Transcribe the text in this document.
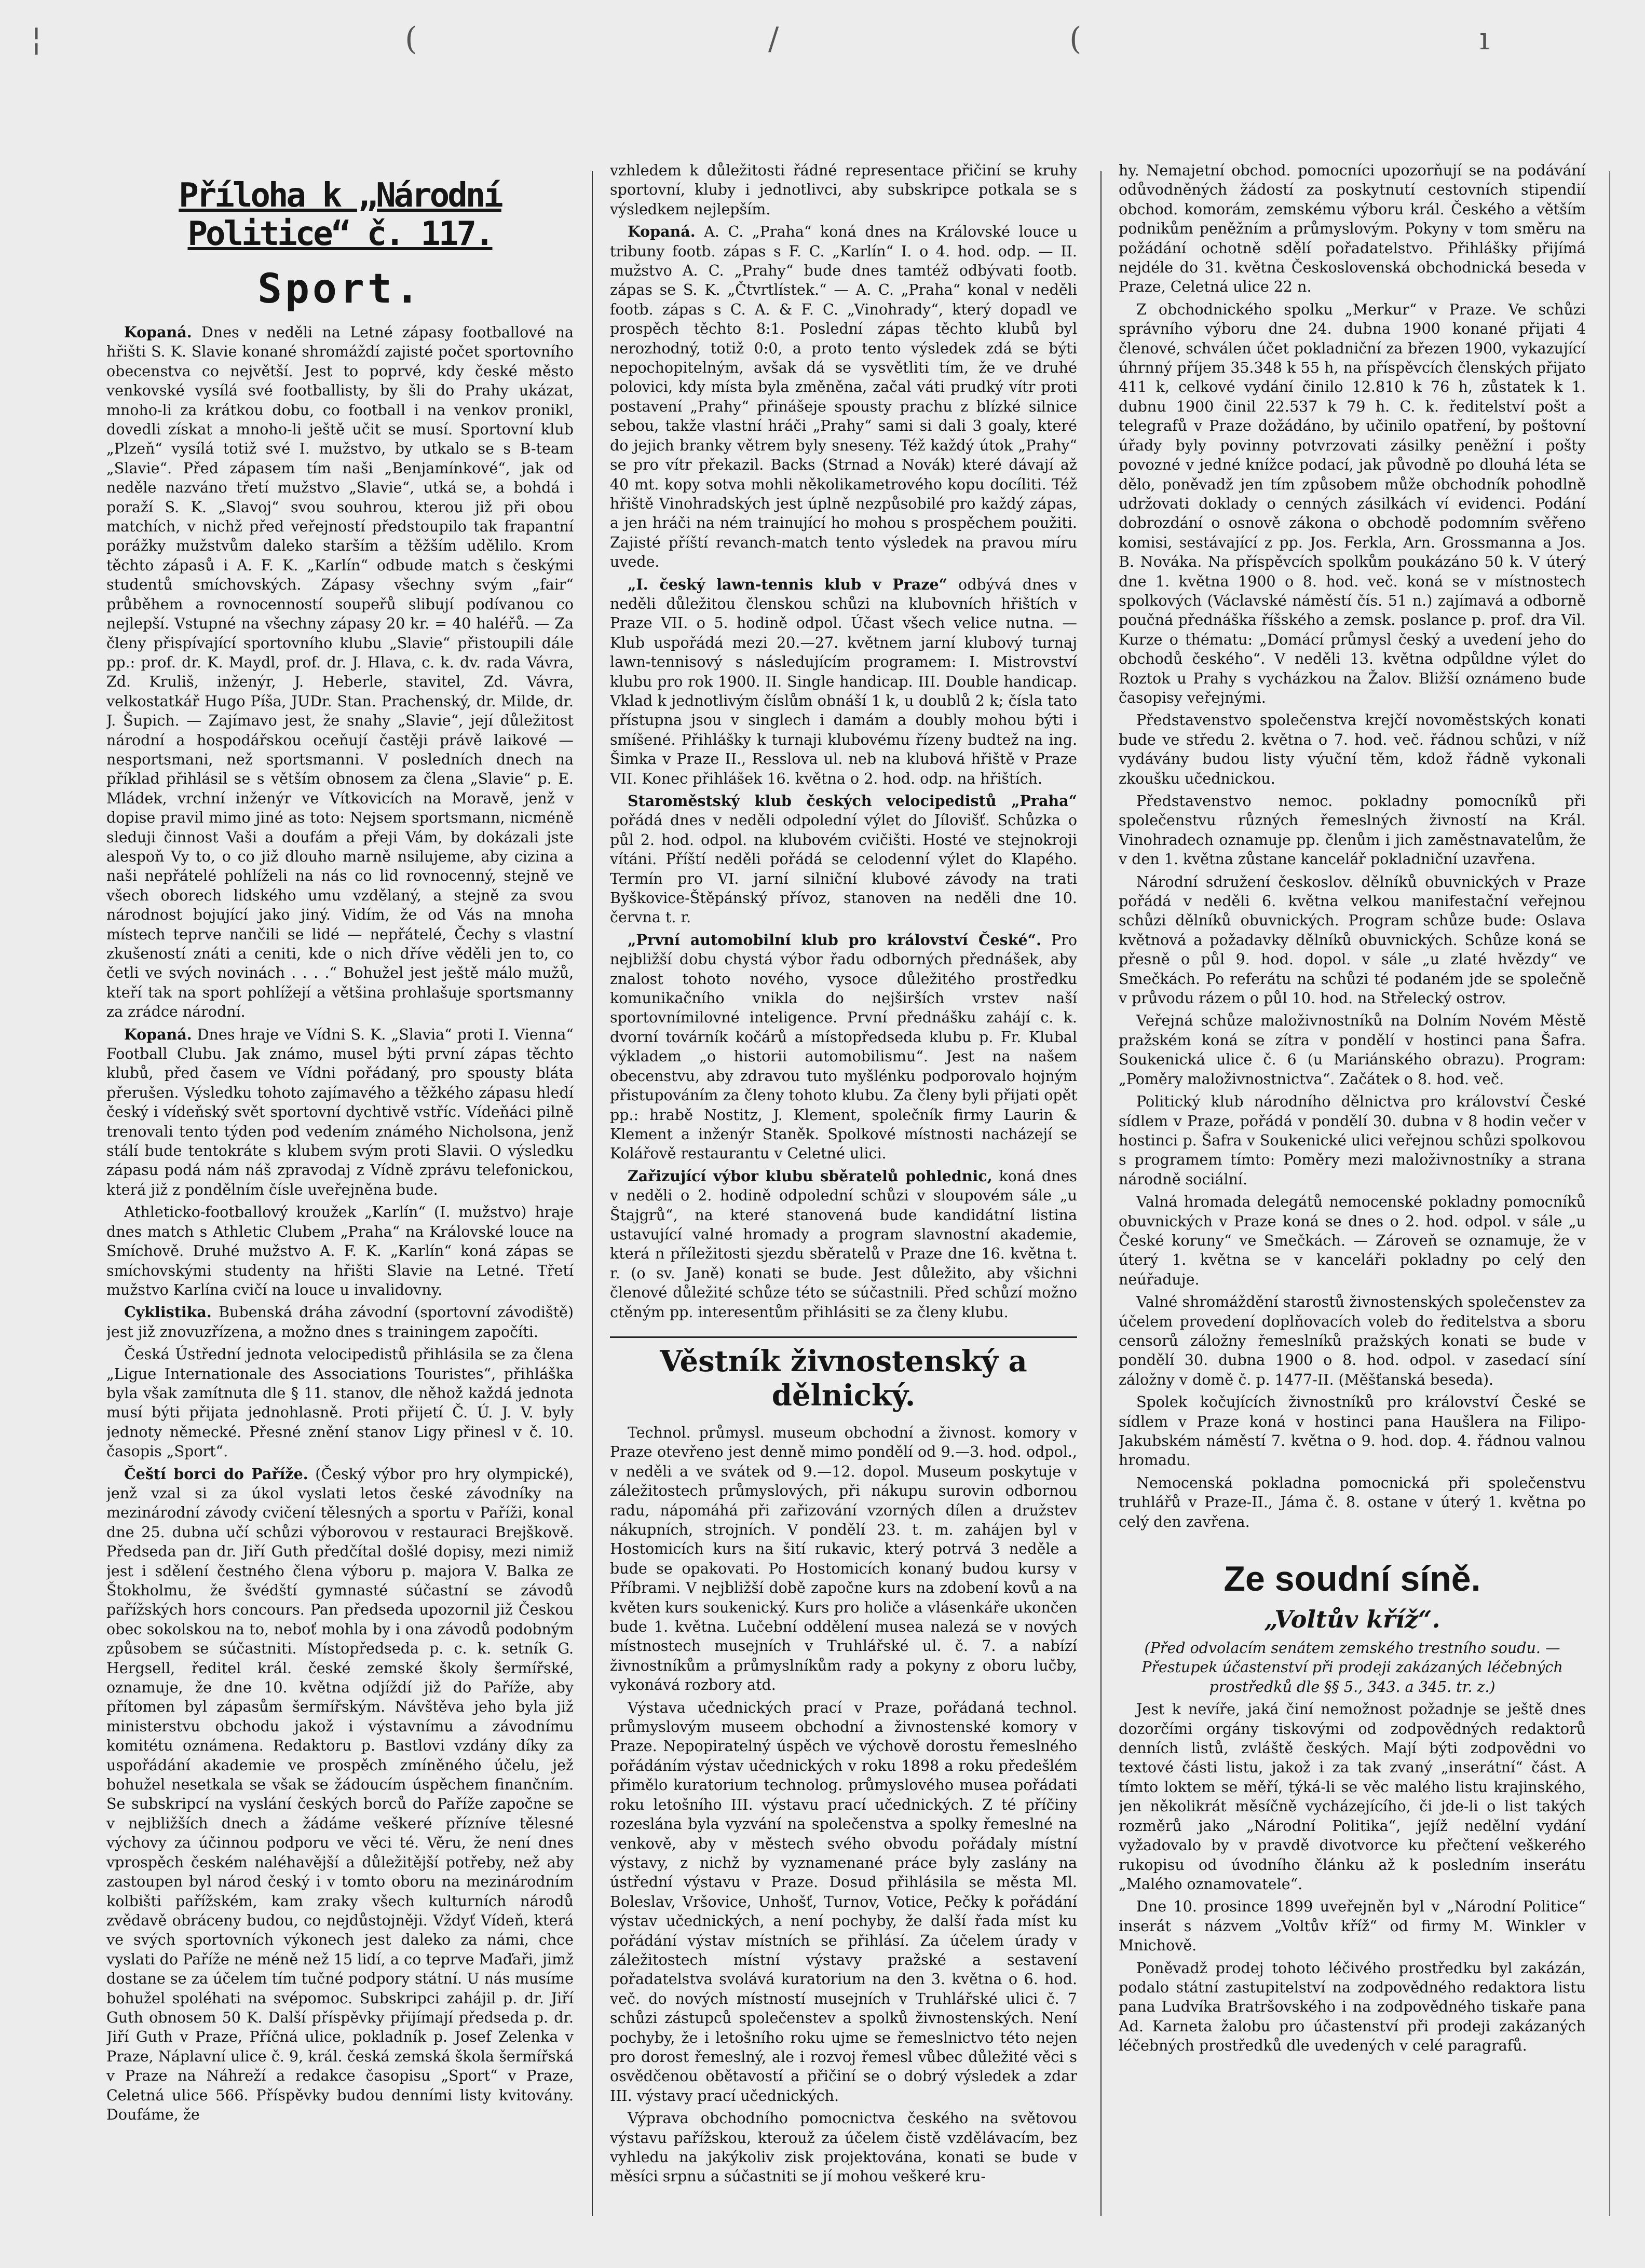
¦	(	/	(	ı
Příloha k „Národní Politice“ č. 117.
Sport.

Kopaná. Dnes v neděli na Letné zápasy footballové na hřišti S. K. Slavie konané shromáždí zajisté počet sportovního obecenstva co největší. Jest to poprvé, kdy české město venkovské vysílá své footballisty, by šli do Prahy ukázat, mnoho-li za krátkou dobu, co football i na venkov pronikl, dovedli získat a mnoho-li ještě učit se musí. Sportovní klub „Plzeň“ vysílá totiž své I. mužstvo, by utkalo se s B-team „Slavie“. Před zápasem tím naši „Benjamínkové“, jak od neděle nazváno třetí mužstvo „Slavie“, utká se, a bohdá i poraží S. K. „Slavoj“ svou souhrou, kterou již při obou matchích, v nichž před veřejností předstoupilo tak frapantní porážky mužstvům daleko starším a těžším udělilo. Krom těchto zápasů i A. F. K. „Karlín“ odbude match s českými studentů smíchovských. Zápasy všechny svým „fair“ průběhem a rovnocenností soupeřů slibují podívanou co nejlepší. Vstupné na všechny zápasy 20 kr. = 40 haléřů. — Za členy přispívající sportovního klubu „Slavie“ přistoupili dále pp.: prof. dr. K. Maydl, prof. dr. J. Hlava, c. k. dv. rada Vávra, Zd. Kruliš, inženýr, J. Heberle, stavitel, Zd. Vávra, velkostatkář Hugo Píša, JUDr. Stan. Prachenský, dr. Milde, dr. J. Šupich. — Zajímavo jest, že snahy „Slavie“, její důležitost národní a hospodářskou oceňují častěji právě laikové — nesportsmani, než sportsmanni. V posledních dnech na příklad přihlásil se s větším obnosem za člena „Slavie“ p. E. Mládek, vrchní inženýr ve Vítkovicích na Moravě, jenž v dopise pravil mimo jiné as toto: Nejsem sportsmann, nicméně sleduji činnost Vaši a doufám a přeji Vám, by dokázali jste alespoň Vy to, o co již dlouho marně nsilujeme, aby cizina a naši nepřátelé pohlíželi na nás co lid rovnocenný, stejně ve všech oborech lidského umu vzdělaný, a stejně za svou národnost bojující jako jiný. Vidím, že od Vás na mnoha místech teprve nančili se lidé — nepřátelé, Čechy s vlastní zkušeností znáti a ceniti, kde o nich dříve věděli jen to, co četli ve svých novinách . . . .“ Bohužel jest ještě málo mužů, kteří tak na sport pohlížejí a většina prohlašuje sportsmanny za zrádce národní.

Kopaná. Dnes hraje ve Vídni S. K. „Slavia“ proti I. Vienna“ Football Clubu. Jak známo, musel býti první zápas těchto klubů, před časem ve Vídni pořádaný, pro spousty bláta přerušen. Výsledku tohoto zajímavého a těžkého zápasu hledí český i vídeňský svět sportovní dychtivě vstříc. Vídeňáci pilně trenovali tento týden pod vedením známého Nicholsona, jenž stálí bude tentokráte s klubem svým proti Slavii. O výsledku zápasu podá nám náš zpravodaj z Vídně zprávu telefonickou, která již z pondělním čísle uveřejněna bude.

Athleticko-footballový kroužek „Karlín“ (I. mužstvo) hraje dnes match s Athletic Clubem „Praha“ na Královské louce na Smíchově. Druhé mužstvo A. F. K. „Karlín“ koná zápas se smíchovskými studenty na hřišti Slavie na Letné. Třetí mužstvo Karlína cvičí na louce u invalidovny.

Cyklistika. Bubenská dráha závodní (sportovní závodiště) jest již znovuzřízena, a možno dnes s trainingem započíti.

Česká Ústřední jednota velocipedistů přihlásila se za člena „Ligue Internationale des Associations Touristes“, přihláška byla však zamítnuta dle § 11. stanov, dle něhož každá jednota musí býti přijata jednohlasně. Proti přijetí Č. Ú. J. V. byly jednoty německé. Přesné znění stanov Ligy přinesl v č. 10. časopis „Sport“.

Čeští borci do Paříže. (Český výbor pro hry olympické), jenž vzal si za úkol vyslati letos české závodníky na mezinárodní závody cvičení tělesných a sportu v Paříži, konal dne 25. dubna učí schůzi výborovou v restauraci Brejškově. Předseda pan dr. Jiří Guth předčítal došlé dopisy, mezi nimiž jest i sdělení čestného člena výboru p. majora V. Balka ze Štokholmu, že švédští gymnasté súčastní se závodů pařížských hors concours. Pan předseda upozornil již Českou obec sokolskou na to, neboť mohla by i ona závodů podobným způsobem se súčastniti. Místopředseda p. c. k. setník G. Hergsell, ředitel král. české zemské školy šermířské, oznamuje, že dne 10. května odjíždí již do Paříže, aby přítomen byl zápasům šermířským. Návštěva jeho byla již ministerstvu obchodu jakož i výstavnímu a závodnímu komitétu oznámena. Redaktoru p. Bastlovi vzdány díky za uspořádání akademie ve prospěch zmíněného účelu, jež bohužel nesetkala se však se žádoucím úspěchem finančním. Se subskripcí na vyslání českých borců do Paříže započne se v nejbližších dnech a žádáme veškeré přízníve tělesné výchovy za účinnou podporu ve věci té. Věru, že není dnes vprospěch českém naléhavější a důležitější potřeby, než aby zastoupen byl národ český i v tomto oboru na mezinárodním kolbišti pařížském, kam zraky všech kulturních národů zvědavě obráceny budou, co nejdůstojněji. Vždyť Vídeň, která ve svých sportovních výkonech jest daleko za námi, chce vyslati do Paříže ne méně než 15 lidí, a co teprve Maďaři, jimž dostane se za účelem tím tučné podpory státní. U nás musíme bohužel spoléhati na svépomoc. Subskripci zahájil p. dr. Jiří Guth obnosem 50 K. Další příspěvky přijímají předseda p. dr. Jiří Guth v Praze, Příčná ulice, pokladník p. Josef Zelenka v Praze, Náplavní ulice č. 9, král. česká zemská škola šermířská v Praze na Náhreží a redakce časopisu „Sport“ v Praze, Celetná ulice 566. Příspěvky budou denními listy kvitovány. Doufáme, že

vzhledem k důležitosti řádné representace přičiní se kruhy sportovní, kluby i jednotlivci, aby subskripce potkala se s výsledkem nejlepším.

Kopaná. A. C. „Praha“ koná dnes na Královské louce u tribuny footb. zápas s F. C. „Karlín“ I. o 4. hod. odp. — II. mužstvo A. C. „Prahy“ bude dnes tamtéž odbývati footb. zápas se S. K. „Čtvrtlístek.“ — A. C. „Praha“ konal v neděli footb. zápas s C. A. & F. C. „Vinohrady“, který dopadl ve prospěch těchto 8:1. Poslední zápas těchto klubů byl nerozhodný, totiž 0:0, a proto tento výsledek zdá se býti nepochopitelným, avšak dá se vysvětliti tím, že ve druhé polovici, kdy místa byla změněna, začal váti prudký vítr proti postavení „Prahy“ přinášeje spousty prachu z blízké silnice sebou, takže vlastní hráči „Prahy“ sami si dali 3 goaly, které do jejich branky větrem byly sneseny. Též každý útok „Prahy“ se pro vítr překazil. Backs (Strnad a Novák) které dávají až 40 mt. kopy sotva mohli několikametrového kopu docíliti. Též hřiště Vinohradských jest úplně nezpůsobilé pro každý zápas, a jen hráči na ném trainující ho mohou s prospěchem použiti. Zajisté příští revanch-match tento výsledek na pravou míru uvede.

„I. český lawn-tennis klub v Praze“ odbývá dnes v neděli důležitou členskou schůzi na klubovních hřištích v Praze VII. o 5. hodině odpol. Účast všech velice nutna. — Klub uspořádá mezi 20.—27. květnem jarní klubový turnaj lawn-tennisový s následujícím programem: I. Mistrovství klubu pro rok 1900. II. Single handicap. III. Double handicap. Vklad k jednotlivým číslům obnáší 1 k, u doublů 2 k; čísla tato přístupna jsou v singlech i damám a doubly mohou býti i smíšené. Přihlášky k turnaji klubovému řízeny budtež na ing. Šimka v Praze II., Resslova ul. neb na klubová hřiště v Praze VII. Konec přihlášek 16. května o 2. hod. odp. na hřištích.

Staroměstský klub českých velocipedistů „Praha“ pořádá dnes v neděli odpolední výlet do Jílovišť. Schůzka o půl 2. hod. odpol. na klubovém cvičišti. Hosté ve stejnokroji vítáni. Příští neděli pořádá se celodenní výlet do Klapého. Termín pro VI. jarní silniční klubové závody na trati Byškovice-Štěpánský přívoz, stanoven na neděli dne 10. června t. r.

„První automobilní klub pro království České“. Pro nejbližší dobu chystá výbor řadu odborných přednášek, aby znalost tohoto nového, vysoce důležitého prostředku komunikačního vnikla do nejširších vrstev naší sportovnímilovné inteligence. První přednášku zahájí c. k. dvorní továrník kočárů a místopředseda klubu p. Fr. Klubal výkladem „o historii automobilismu“. Jest na našem obecenstvu, aby zdravou tuto myšlénku podporovalo hojným přistupováním za členy tohoto klubu. Za členy byli přijati opět pp.: hrabě Nostitz, J. Klement, společník firmy Laurin & Klement a inženýr Staněk. Spolkové místnosti nacházejí se Kolářově restaurantu v Celetné ulici.

Zařizující výbor klubu sběratelů pohlednic, koná dnes v neděli o 2. hodině odpolední schůzi v sloupovém sále „u Štajgrů“, na které stanovená bude kandidátní listina ustavující valné hromady a program slavnostní akademie, která n příležitosti sjezdu sběratelů v Praze dne 16. května t. r. (o sv. Janě) konati se bude. Jest důležito, aby všichni členové důležité schůze této se súčastnili. Před schůzí možno ctěným pp. interesentům přihlásiti se za členy klubu.

Věstník živnostenský a dělnický.

Technol. průmysl. museum obchodní a živnost. komory v Praze otevřeno jest denně mimo pondělí od 9.—3. hod. odpol., v neděli a ve svátek od 9.—12. dopol. Museum poskytuje v záležitostech průmyslových, při nákupu surovin odbornou radu, nápomáhá při zařizování vzorných dílen a družstev nákupních, strojních. V pondělí 23. t. m. zahájen byl v Hostomicích kurs na šití rukavic, který potrvá 3 neděle a bude se opakovati. Po Hostomicích konaný budou kursy v Příbrami. V nejbližší době započne kurs na zdobení kovů a na květen kurs soukenický. Kurs pro holiče a vlásenkáře ukončen bude 1. května. Lučební oddělení musea nalezá se v nových místnostech musejních v Truhlářské ul. č. 7. a nabízí živnostníkům a průmyslníkům rady a pokyny z oboru lučby, vykonává rozbory atd.

Výstava učednických prací v Praze, pořádaná technol. průmyslovým museem obchodní a živnostenské komory v Praze. Nepopiratelný úspěch ve výchově dorostu řemeslného pořádáním výstav učednických v roku 1898 a roku předešlém přimělo kuratorium technolog. průmyslového musea pořádati roku letošního III. výstavu prací učednických. Z té příčiny rozeslána byla vyzvání na společenstva a spolky řemeslné na venkově, aby v městech svého obvodu pořádaly místní výstavy, z nichž by vyznamenané práce byly zaslány na ústřední výstavu v Praze. Dosud přihlásila se města Ml. Boleslav, Vršovice, Unhošť, Turnov, Votice, Pečky k pořádání výstav učednických, a není pochyby, že další řada míst ku pořádání výstav místních se přihlásí. Za účelem úrady v záležitostech místní výstavy pražské a sestavení pořadatelstva svolává kuratorium na den 3. května o 6. hod. več. do nových místností musejních v Truhlářské ulici č. 7 schůzi zástupců společenstev a spolků živnostenských. Není pochyby, že i letošního roku ujme se řemeslnictvo této nejen pro dorost řemeslný, ale i rozvoj řemesl vůbec důležité věci s osvědčenou obětavostí a přičiní se o dobrý výsledek a zdar III. výstavy prací učednických.

Výprava obchodního pomocnictva českého na světovou výstavu pařížskou, kterouž za účelem čistě vzdělávacím, bez vyhledu na jakýkoliv zisk projektována, konati se bude v měsíci srpnu a súčastniti se jí mohou veškeré kru-

hy. Nemajetní obchod. pomocníci upozorňují se na podávání odůvodněných žádostí za poskytnutí cestovních stipendií obchod. komorám, zemskému výboru král. Českého a větším podnikům peněžním a průmyslovým. Pokyny v tom směru na požádání ochotně sdělí pořadatelstvo. Přihlášky přijímá nejdéle do 31. května Československá obchodnická beseda v Praze, Celetná ulice 22 n.

Z obchodnického spolku „Merkur“ v Praze. Ve schůzi správního výboru dne 24. dubna 1900 konané přijati 4 členové, schválen účet pokladniční za březen 1900, vykazující úhrnný příjem 35.348 k 55 h, na příspěvcích členských přijato 411 k, celkové vydání činilo 12.810 k 76 h, zůstatek k 1. dubnu 1900 činil 22.537 k 79 h. C. k. ředitelství pošt a telegrafů v Praze dožádáno, by učinilo opatření, by poštovní úřady byly povinny potvrzovati zásilky peněžní i pošty povozné v jedné knížce podací, jak původně po dlouhá léta se dělo, poněvadž jen tím způsobem může obchodník pohodlně udržovati doklady o cenných zásilkách ví evidenci. Podání dobrozdání o osnově zákona o obchodě podomním svěřeno komisi, sestávající z pp. Jos. Ferkla, Arn. Grossmanna a Jos. B. Nováka. Na příspěvcích spolkům poukázáno 50 k. V úterý dne 1. května 1900 o 8. hod. več. koná se v místnostech spolkových (Václavské náměstí čís. 51 n.) zajímavá a odborně poučná přednáška říšského a zemsk. poslance p. prof. dra Vil. Kurze o thématu: „Domácí průmysl český a uvedení jeho do obchodů českého“. V neděli 13. května odpůldne výlet do Roztok u Prahy s vycházkou na Žalov. Bližší oznámeno bude časopisy veřejnými.

Představenstvo společenstva krejčí novoměstských konati bude ve středu 2. května o 7. hod. več. řádnou schůzi, v níž vydávány budou listy výuční těm, kdož řádně vykonali zkoušku učednickou.

Představenstvo nemoc. pokladny pomocníků při společenstvu různých řemeslných živností na Král. Vinohradech oznamuje pp. členům i jich zaměstnavatelům, že v den 1. května zůstane kancelář pokladniční uzavřena.

Národní sdružení českoslov. dělníků obuvnických v Praze pořádá v neděli 6. května velkou manifestační veřejnou schůzi dělníků obuvnických. Program schůze bude: Oslava květnová a požadavky dělníků obuvnických. Schůze koná se přesně o půl 9. hod. dopol. v sále „u zlaté hvězdy“ ve Smečkách. Po referátu na schůzi té podaném jde se společně v průvodu rázem o půl 10. hod. na Střelecký ostrov.

Veřejná schůze maloživnostníků na Dolním Novém Městě pražském koná se zítra v pondělí v hostinci pana Šafra. Soukenická ulice č. 6 (u Mariánského obrazu). Program: „Poměry maloživnostnictva“. Začátek o 8. hod. več.

Politický klub národního dělnictva pro království České sídlem v Praze, pořádá v pondělí 30. dubna v 8 hodin večer v hostinci p. Šafra v Soukenické ulici veřejnou schůzi spolkovou s programem tímto: Poměry mezi maloživnostníky a strana národně sociální.

Valná hromada delegátů nemocenské pokladny pomocníků obuvnických v Praze koná se dnes o 2. hod. odpol. v sále „u České koruny“ ve Smečkách. — Zároveň se oznamuje, že v úterý 1. května se v kanceláři pokladny po celý den neúřaduje.

Valné shromáždění starostů živnostenských společenstev za účelem provedení doplňovacích voleb do ředitelstva a sboru censorů záložny řemeslníků pražských konati se bude v pondělí 30. dubna 1900 o 8. hod. odpol. v zasedací síní záložny v domě č. p. 1477-II. (Měšťanská beseda).

Spolek kočujících živnostníků pro království České se sídlem v Praze koná v hostinci pana Haušlera na Filipo-Jakubském náměstí 7. května o 9. hod. dop. 4. řádnou valnou hromadu.

Nemocenská pokladna pomocnická při společenstvu truhlářů v Praze-II., Jáma č. 8. ostane v úterý 1. května po celý den zavřena.

Ze soudní síně.
„Voltův kříž“.

(Před odvolacím senátem zemského trestního soudu. — Přestupek účastenství při prodeji zakázaných léčebných prostředků dle §§ 5., 343. a 345. tr. z.)

Jest k nevíře, jaká činí nemožnost požadnje se ještě dnes dozorčími orgány tiskovými od zodpovědných redaktorů denních listů, zvláště českých. Mají býti zodpovědni vo textové části listu, jakož i za tak zvaný „inserátní“ část. A tímto loktem se měří, týká-li se věc malého listu krajinského, jen několikrát měsíčně vycházejícího, či jde-li o list takých rozměrů jako „Národní Politika“, jejíž nedělní vydání vyžadovalo by v pravdě divotvorce ku přečtení veškerého rukopisu od úvodního článku až k posledním inserátu „Malého oznamovatele“.

Dne 10. prosince 1899 uveřejněn byl v „Národní Politice“ inserát s názvem „Voltův kříž“ od firmy M. Winkler v Mnichově.

Poněvadž prodej tohoto léčivého prostředku byl zakázán, podalo státní zastupitelství na zodpovědného redaktora listu pana Ludvíka Bratršovského i na zodpovědného tiskaře pana Ad. Karneta žalobu pro účastenství při prodeji zakázaných léčebných prostředků dle uvedených v celé paragrafů.
